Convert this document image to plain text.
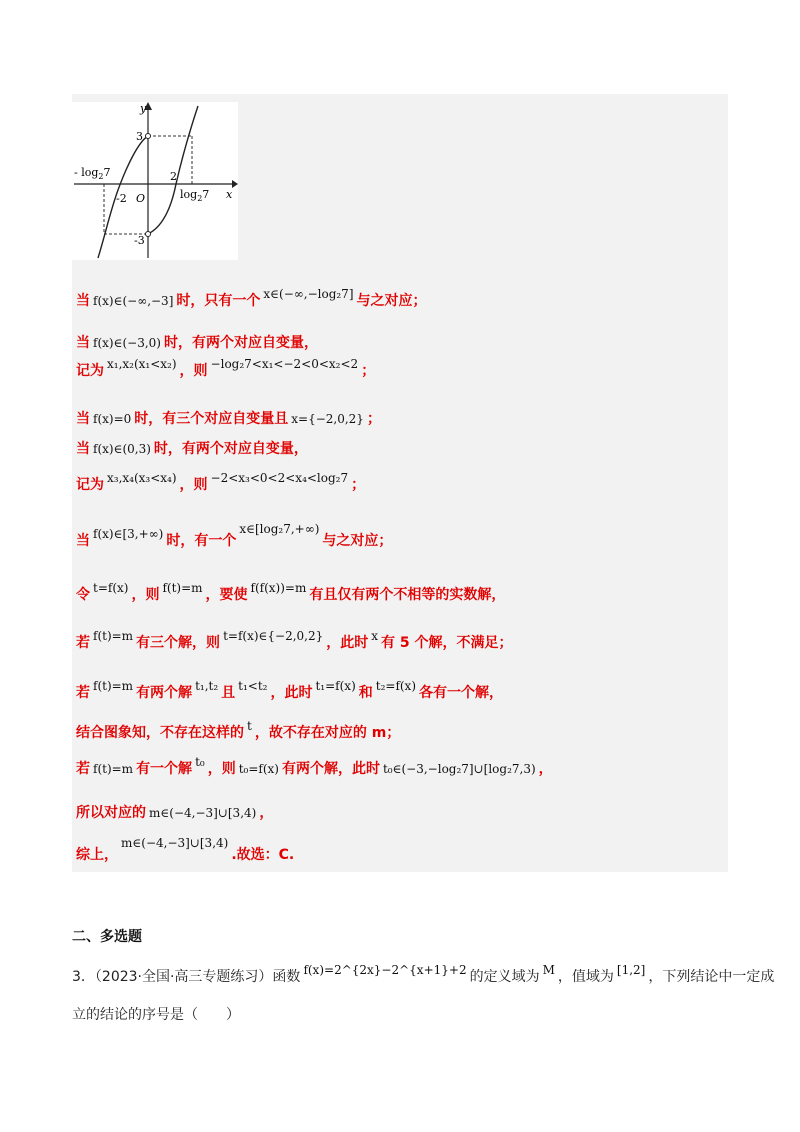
y
x
O
3
-3
-2
2
- $\log_27$
$\log_27$
当 f(x)∈(−∞,−3] 时，只有一个 x∈(−∞,−log₂7] 与之对应；
当 f(x)∈(−3,0) 时，有两个对应自变量，
记为 x₁,x₂(x₁<x₂) ，则 −log₂7<x₁<−2<0<x₂<2 ；
当 f(x)=0 时，有三个对应自变量且 x={−2,0,2} ；
当 f(x)∈(0,3) 时，有两个对应自变量，
记为 x₃,x₄(x₃<x₄) ，则 −2<x₃<0<2<x₄<log₂7 ；
当 f(x)∈[3,+∞) 时，有一个x∈[log₂7,+∞)与之对应；
令 t=f(x) ，则 f(t)=m ，要使 f(f(x))=m 有且仅有两个不相等的实数解，
若 f(t)=m 有三个解，则 t=f(x)∈{−2,0,2} ，此时 x 有 5 个解，不满足；
若 f(t)=m 有两个解 t₁,t₂ 且 t₁<t₂ ，此时 t₁=f(x) 和 t₂=f(x) 各有一个解，
结合图象知，不存在这样的 t ，故不存在对应的 m；
若 f(t)=m 有一个解 t₀ ，则 t₀=f(x) 有两个解，此时 t₀∈(−3,−log₂7]∪[log₂7,3) ，
所以对应的 m∈(−4,−3]∪[3,4) ，
综上，m∈(−4,−3]∪[3,4).故选：C.
二、多选题
3．（2023·全国·高三专题练习）函数 f(x)=2^{2x}−2^{x+1}+2 的定义域为 M ，值域为 [1,2] ，下列结论中一定成
立的结论的序号是（　　）
